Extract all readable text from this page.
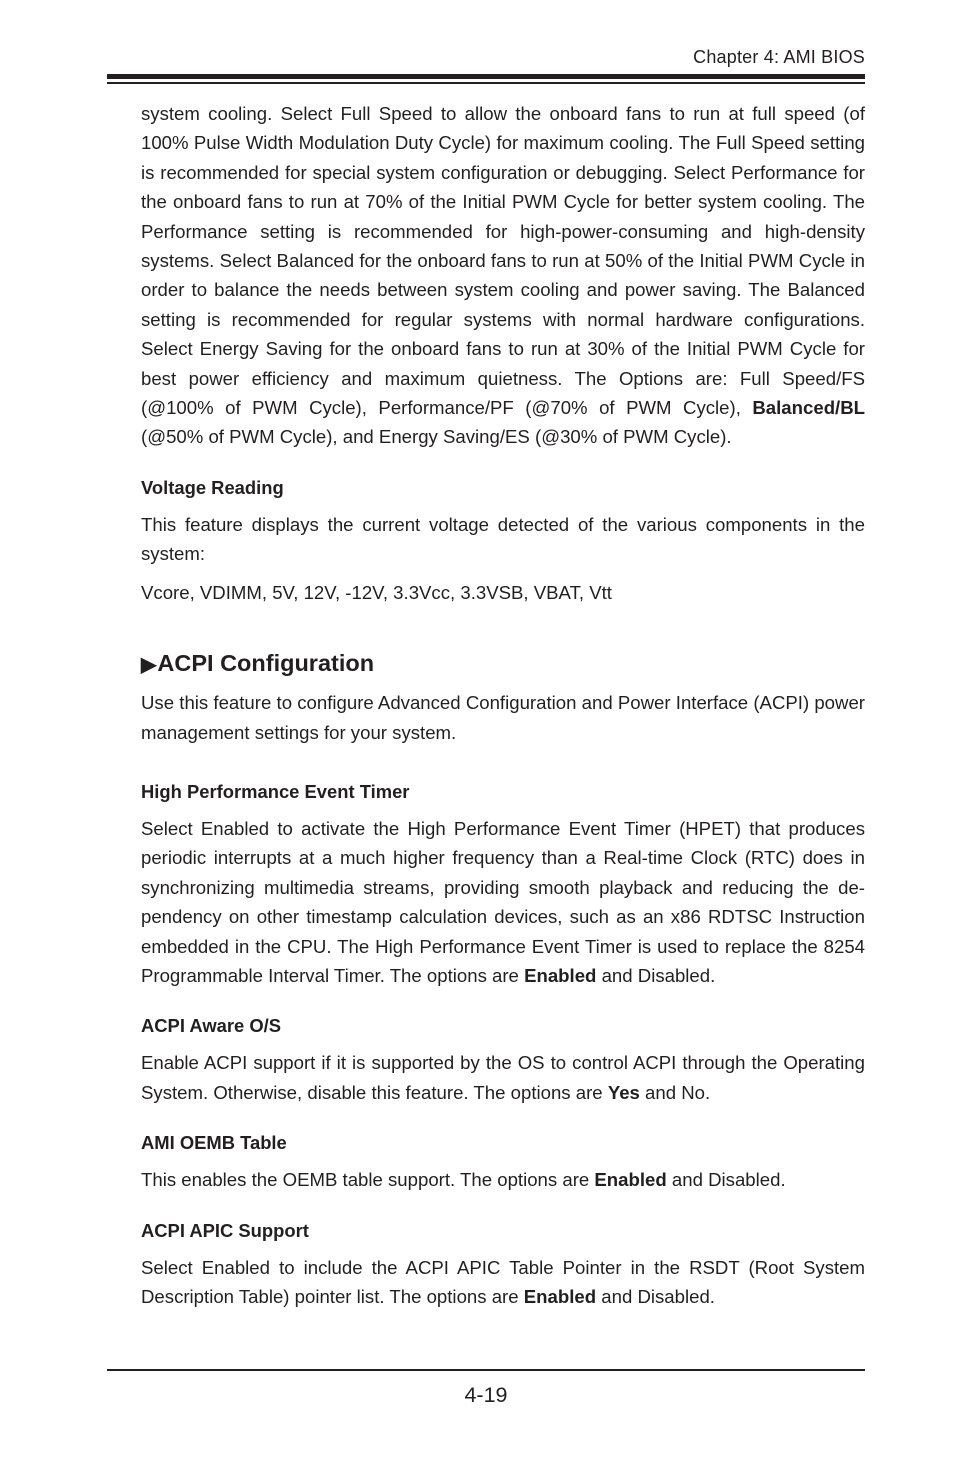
Chapter 4: AMI BIOS

system cooling. Select Full Speed to allow the onboard fans to run at full speed (of 100% Pulse Width Modulation Duty Cycle) for maximum cooling. The Full Speed setting is recommended for special system configuration or debugging. Select Performance for the onboard fans to run at 70% of the Initial PWM Cycle for better system cooling. The Performance setting is recommended for high-power-consuming and high-density systems. Select Balanced for the onboard fans to run at 50% of the Initial PWM Cycle in order to balance the needs between system cooling and power saving. The Balanced setting is recommended for regular systems with normal hardware configurations. Select Energy Saving for the onboard fans to run at 30% of the Initial PWM Cycle for best power efficiency and maximum quietness. The Options are: Full Speed/FS (@100% of PWM Cycle), Performance/PF (@70% of PWM Cycle), Balanced/BL (@50% of PWM Cycle), and Energy Saving/ES (@30% of PWM Cycle).

Voltage Reading

This feature displays the current voltage detected of the various components in the system:

Vcore, VDIMM, 5V, 12V, -12V, 3.3Vcc, 3.3VSB, VBAT, Vtt

▶ACPI Configuration

Use this feature to configure Advanced Configuration and Power Interface (ACPI) power management settings for your system.

High Performance Event Timer

Select Enabled to activate the High Performance Event Timer (HPET) that produces periodic interrupts at a much higher frequency than a Real-time Clock (RTC) does in synchronizing multimedia streams, providing smooth playback and reducing the dependency on other timestamp calculation devices, such as an x86 RDTSC Instruction embedded in the CPU. The High Performance Event Timer is used to replace the 8254 Programmable Interval Timer. The options are Enabled and Disabled.

ACPI Aware O/S

Enable ACPI support if it is supported by the OS to control ACPI through the Operating System. Otherwise, disable this feature. The options are Yes and No.

AMI OEMB Table

This enables the OEMB table support. The options are Enabled and Disabled.

ACPI APIC Support

Select Enabled to include the ACPI APIC Table Pointer in the RSDT (Root System Description Table) pointer list. The options are Enabled and Disabled.

4-19
